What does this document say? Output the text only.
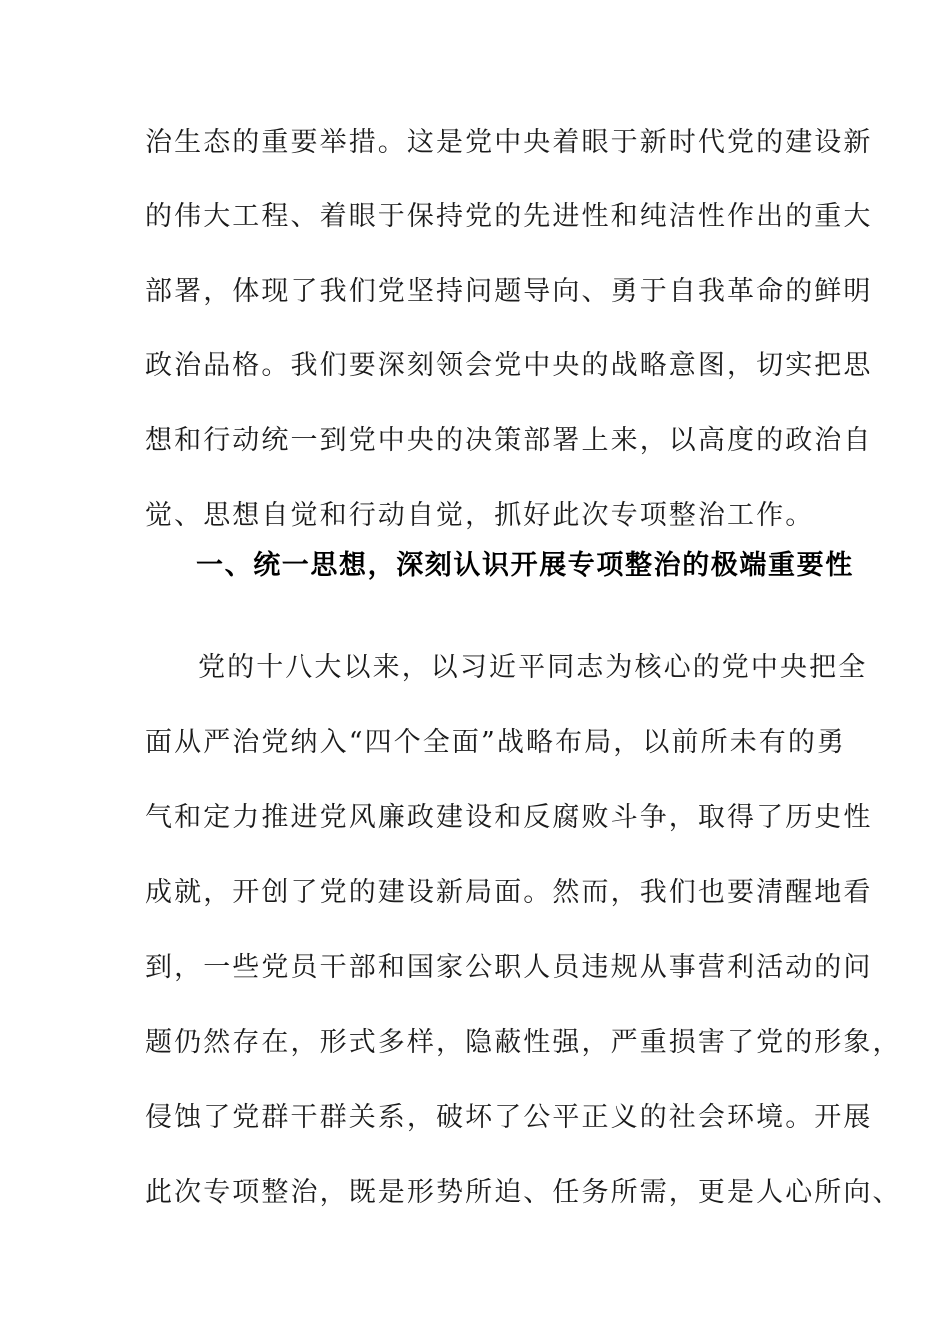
治生态的重要举措。这是党中央着眼于新时代党的建设新
的伟大工程、着眼于保持党的先进性和纯洁性作出的重大
部署，体现了我们党坚持问题导向、勇于自我革命的鲜明
政治品格。我们要深刻领会党中央的战略意图，切实把思
想和行动统一到党中央的决策部署上来，以高度的政治自
觉、思想自觉和行动自觉，抓好此次专项整治工作。
一、统一思想，深刻认识开展专项整治的极端重要性
党的十八大以来，以习近平同志为核心的党中央把全
面从严治党纳入“四个全面”战略布局，以前所未有的勇
气和定力推进党风廉政建设和反腐败斗争，取得了历史性
成就，开创了党的建设新局面。然而，我们也要清醒地看
到，一些党员干部和国家公职人员违规从事营利活动的问
题仍然存在，形式多样，隐蔽性强，严重损害了党的形象，
侵蚀了党群干群关系，破坏了公平正义的社会环境。开展
此次专项整治，既是形势所迫、任务所需，更是人心所向、
